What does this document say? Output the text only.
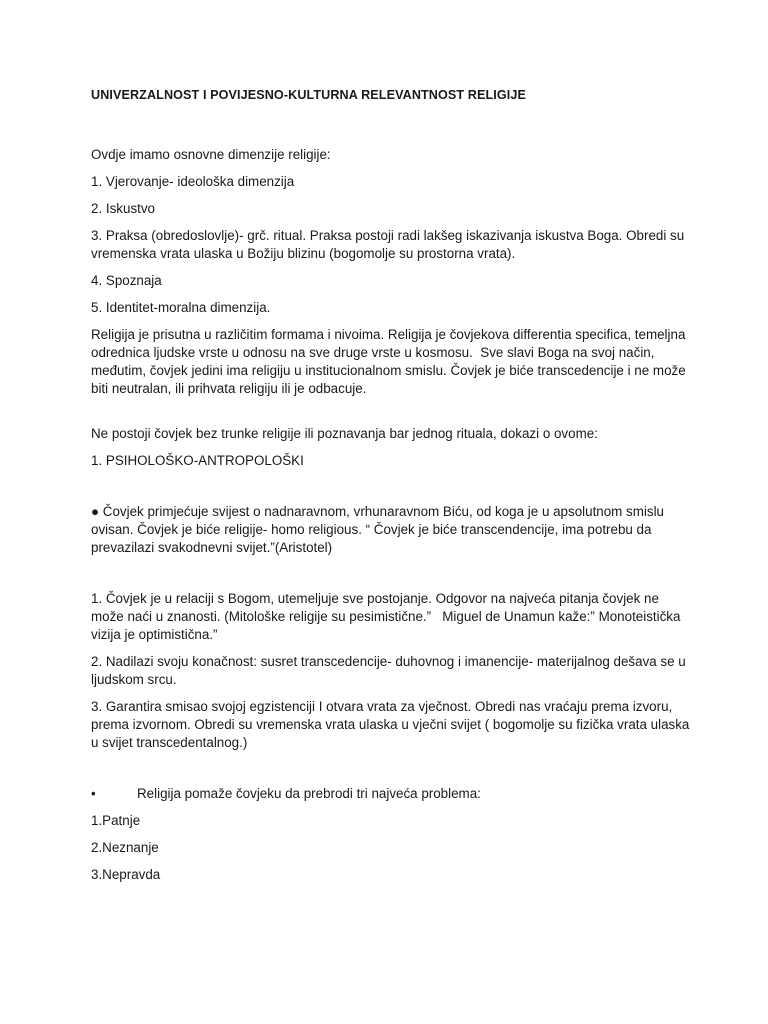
UNIVERZALNOST I POVIJESNO-KULTURNA RELEVANTNOST RELIGIJE

Ovdje imamo osnovne dimenzije religije:

1. Vjerovanje- ideološka dimenzija

2. Iskustvo

3. Praksa (obredoslovlje)- grč. ritual. Praksa postoji radi lakšeg iskazivanja iskustva Boga. Obredi su vremenska vrata ulaska u Božiju blizinu (bogomolje su prostorna vrata).

4. Spoznaja

5. Identitet-moralna dimenzija.

Religija je prisutna u različitim formama i nivoima. Religija je čovjekova differentia specifica, temeljna odrednica ljudske vrste u odnosu na sve druge vrste u kosmosu.  Sve slavi Boga na svoj način, međutim, čovjek jedini ima religiju u institucionalnom smislu. Čovjek je biće transcedencije i ne može biti neutralan, ili prihvata religiju ili je odbacuje.

Ne postoji čovjek bez trunke religije ili poznavanja bar jednog rituala, dokazi o ovome:

1. PSIHOLOŠKO-ANTROPOLOŠKI

● Čovjek primjećuje svijest o nadnaravnom, vrhunaravnom Biću, od koga je u apsolutnom smislu ovisan. Čovjek je biće religije- homo religious. “ Čovjek je biće transcendencije, ima potrebu da prevazilazi svakodnevni svijet.”(Aristotel)

1. Čovjek je u relaciji s Bogom, utemeljuje sve postojanje. Odgovor na najveća pitanja čovjek ne može naći u znanosti. (Mitološke religije su pesimistične.”   Miguel de Unamun kaže:” Monoteistička vizija je optimistična.”

2. Nadilazi svoju konačnost: susret transcedencije- duhovnog i imanencije- materijalnog dešava se u ljudskom srcu.

3. Garantira smisao svojoj egzistenciji I otvara vrata za vječnost. Obredi nas vraćaju prema izvoru, prema izvornom. Obredi su vremenska vrata ulaska u vječni svijet ( bogomolje su fizička vrata ulaska u svijet transcedentalnog.)

•	Religija pomaže čovjeku da prebrodi tri najveća problema:

1.Patnje

2.Neznanje

3.Nepravda
